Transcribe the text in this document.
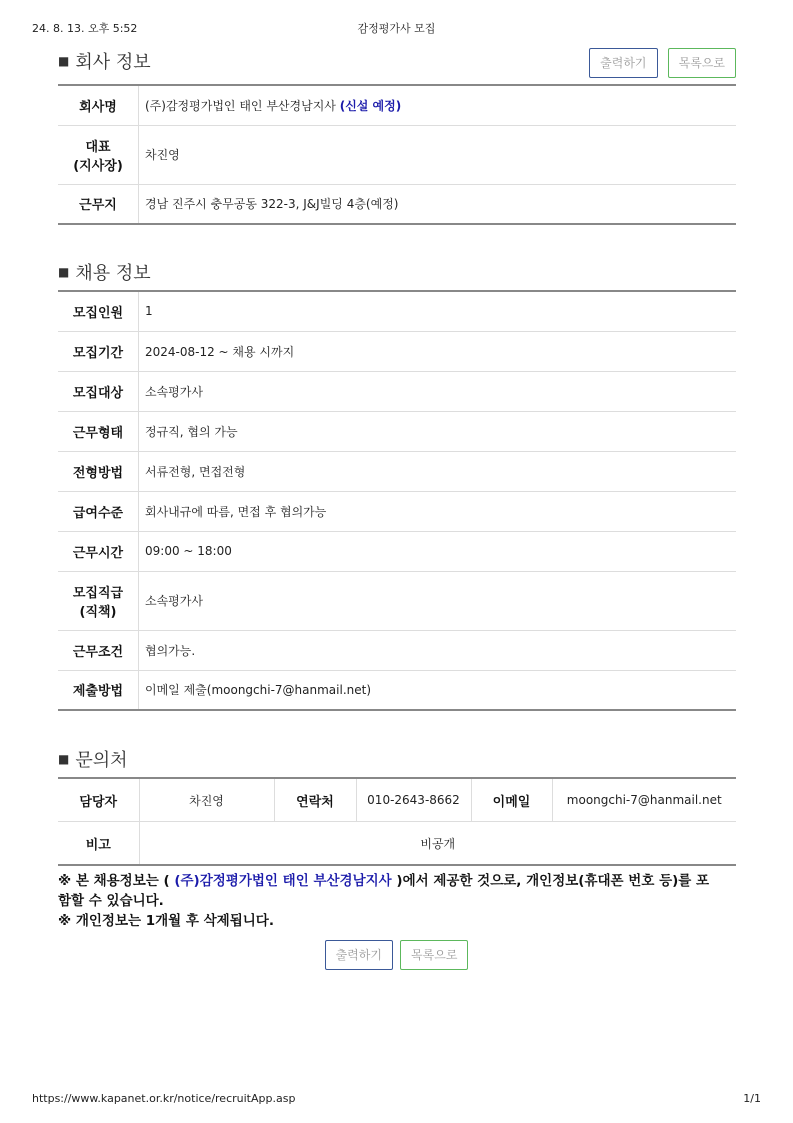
24. 8. 13. 오후 5:52	감정평가사 모집
■ 회사 정보	출력하기	목록으로
회사명	(주)감정평가법인 태인 부산경남지사 (신설 예정)
대표
(지사장)	차진영
근무지	경남 진주시 충무공동 322-3, J&J빌딩 4층(예정)
■ 채용 정보
모집인원	1
모집기간	2024-08-12 ~ 채용 시까지
모집대상	소속평가사
근무형태	정규직, 협의 가능
전형방법	서류전형, 면접전형
급여수준	회사내규에 따름, 면접 후 협의가능
근무시간	09:00 ~ 18:00
모집직급
(직책)	소속평가사
근무조건	협의가능.
제출방법	이메일 제출(moongchi-7@hanmail.net)
■ 문의처
담당자	차진영	연락처	010-2643-8662	이메일	moongchi-7@hanmail.net
비고	비공개				
※ 본 채용정보는 ( (주)감정평가법인 태인 부산경남지사 )에서 제공한 것으로, 개인정보(휴대폰 번호 등)를 포
함할 수 있습니다.
※ 개인정보는 1개월 후 삭제됩니다.
출력하기 목록으로
https://www.kapanet.or.kr/notice/recruitApp.asp	1/1
